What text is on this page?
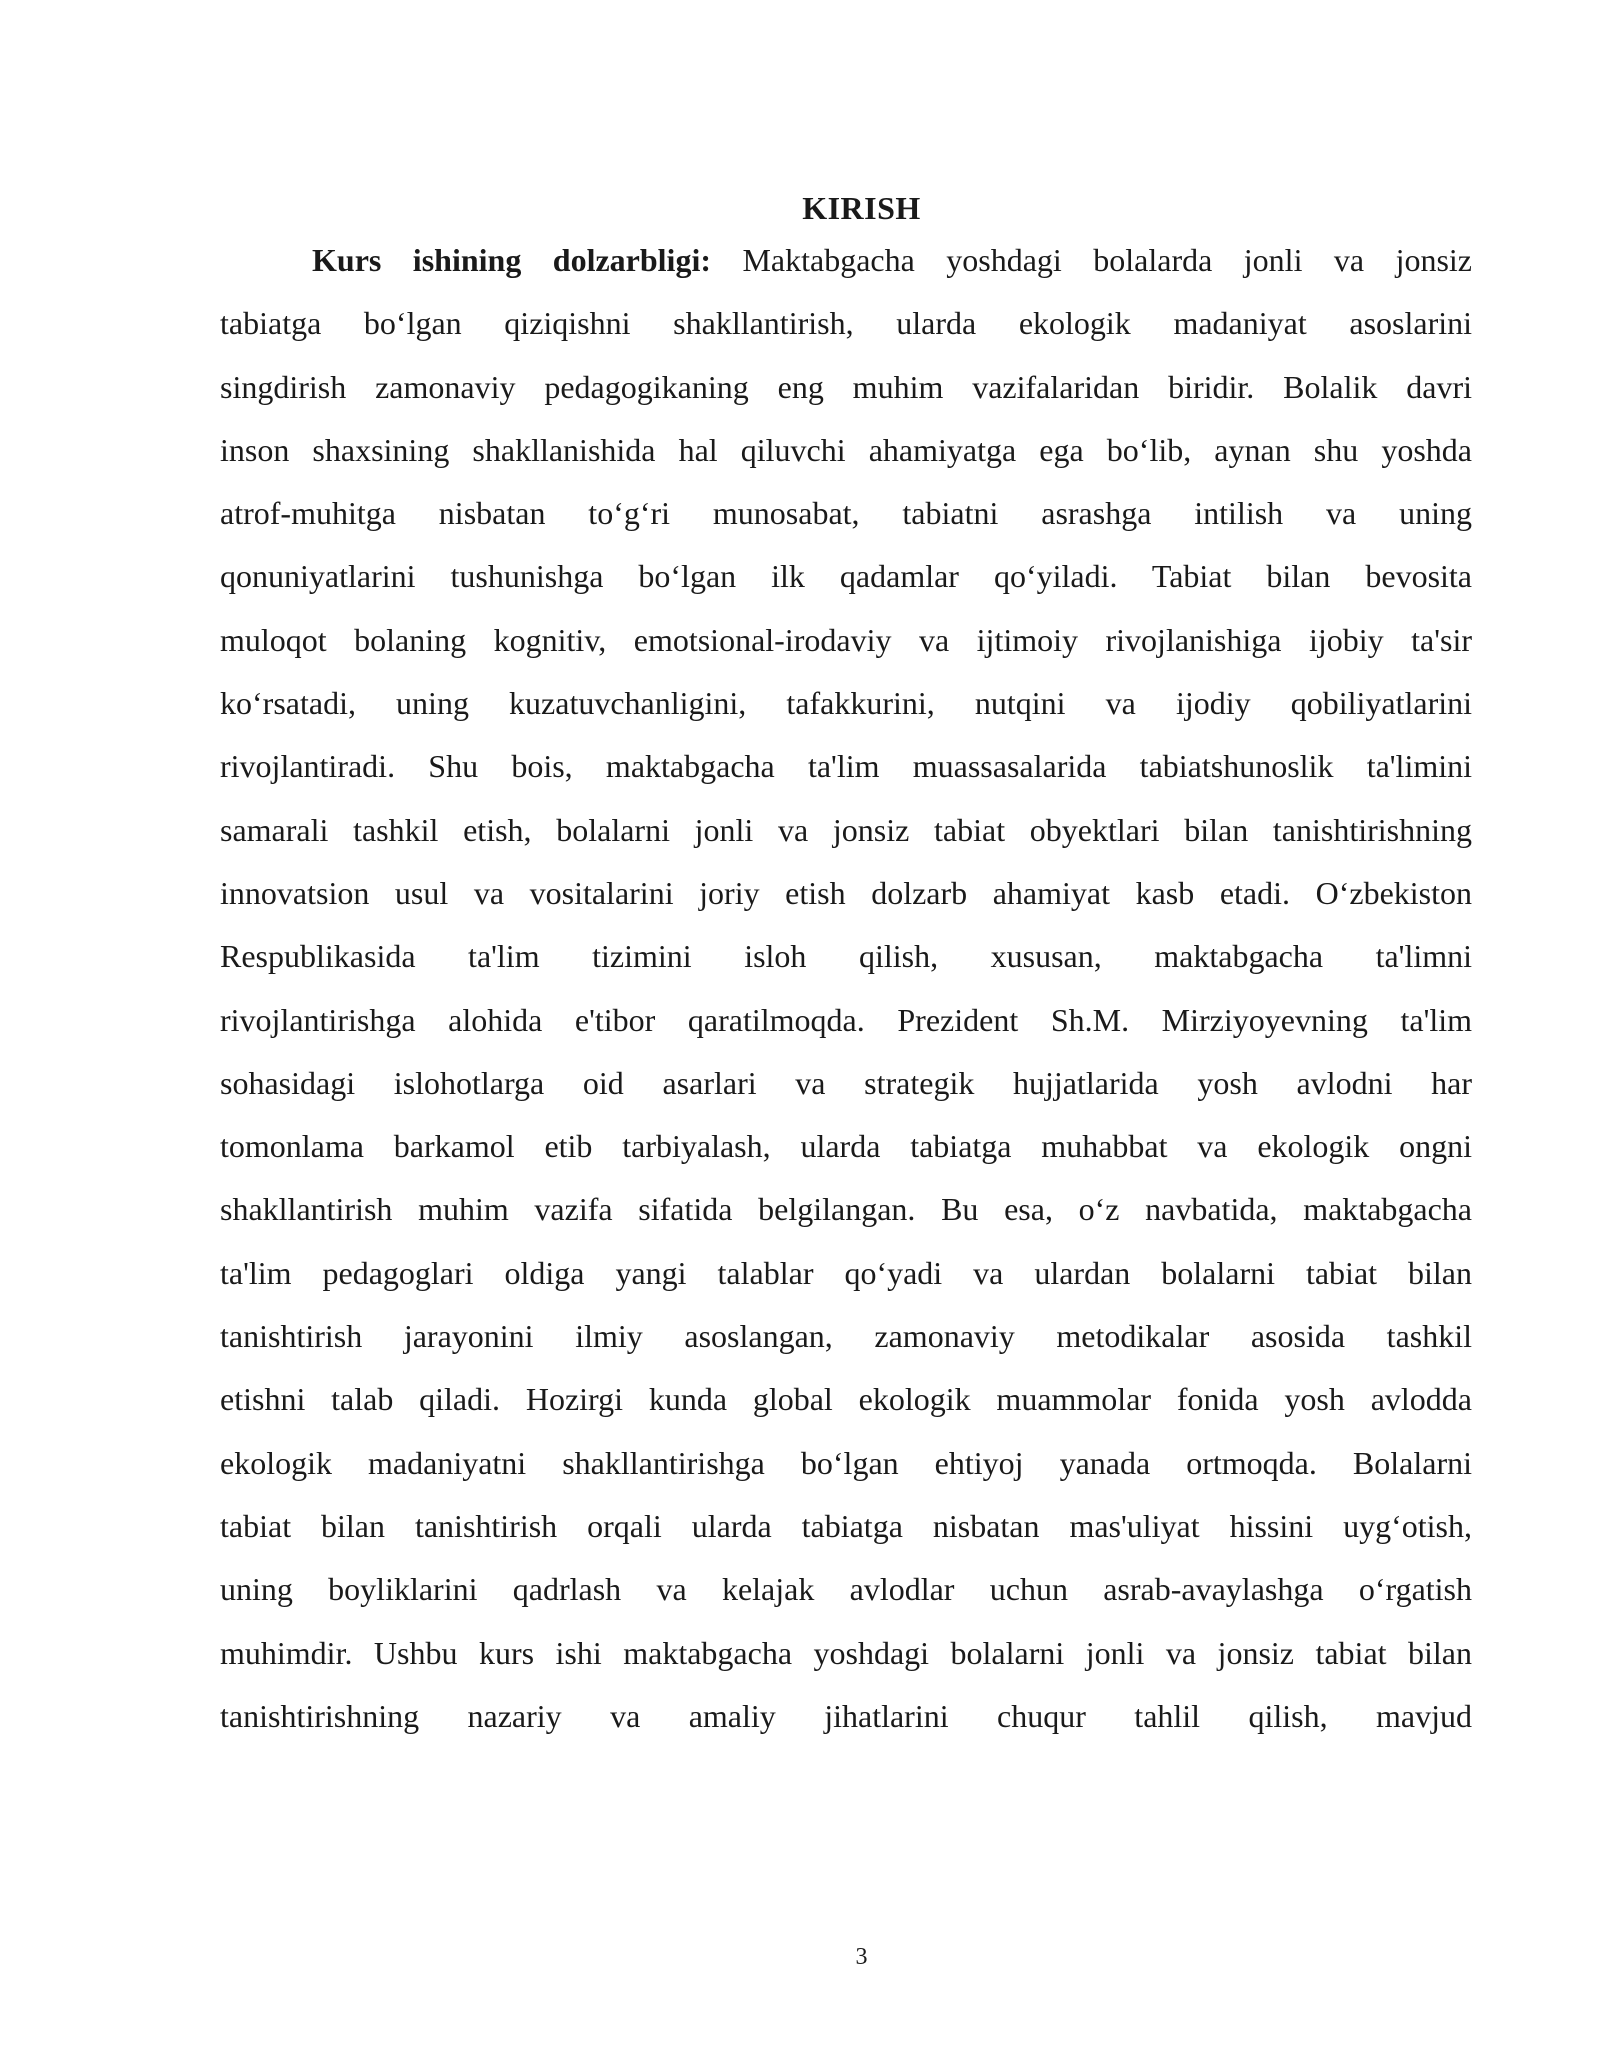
KIRISH
Kurs ishining dolzarbligi: Maktabgacha yoshdagi bolalarda jonli va jonsiz
tabiatga bo‘lgan qiziqishni shakllantirish, ularda ekologik madaniyat asoslarini
singdirish zamonaviy pedagogikaning eng muhim vazifalaridan biridir. Bolalik davri
inson shaxsining shakllanishida hal qiluvchi ahamiyatga ega bo‘lib, aynan shu yoshda
atrof-muhitga nisbatan to‘g‘ri munosabat, tabiatni asrashga intilish va uning
qonuniyatlarini tushunishga bo‘lgan ilk qadamlar qo‘yiladi. Tabiat bilan bevosita
muloqot bolaning kognitiv, emotsional-irodaviy va ijtimoiy rivojlanishiga ijobiy ta'sir
ko‘rsatadi, uning kuzatuvchanligini, tafakkurini, nutqini va ijodiy qobiliyatlarini
rivojlantiradi. Shu bois, maktabgacha ta'lim muassasalarida tabiatshunoslik ta'limini
samarali tashkil etish, bolalarni jonli va jonsiz tabiat obyektlari bilan tanishtirishning
innovatsion usul va vositalarini joriy etish dolzarb ahamiyat kasb etadi. O‘zbekiston
Respublikasida ta'lim tizimini isloh qilish, xususan, maktabgacha ta'limni
rivojlantirishga alohida e'tibor qaratilmoqda. Prezident Sh.M. Mirziyoyevning ta'lim
sohasidagi islohotlarga oid asarlari va strategik hujjatlarida yosh avlodni har
tomonlama barkamol etib tarbiyalash, ularda tabiatga muhabbat va ekologik ongni
shakllantirish muhim vazifa sifatida belgilangan. Bu esa, o‘z navbatida, maktabgacha
ta'lim pedagoglari oldiga yangi talablar qo‘yadi va ulardan bolalarni tabiat bilan
tanishtirish jarayonini ilmiy asoslangan, zamonaviy metodikalar asosida tashkil
etishni talab qiladi. Hozirgi kunda global ekologik muammolar fonida yosh avlodda
ekologik madaniyatni shakllantirishga bo‘lgan ehtiyoj yanada ortmoqda. Bolalarni
tabiat bilan tanishtirish orqali ularda tabiatga nisbatan mas'uliyat hissini uyg‘otish,
uning boyliklarini qadrlash va kelajak avlodlar uchun asrab-avaylashga o‘rgatish
muhimdir. Ushbu kurs ishi maktabgacha yoshdagi bolalarni jonli va jonsiz tabiat bilan
tanishtirishning nazariy va amaliy jihatlarini chuqur tahlil qilish, mavjud
3
